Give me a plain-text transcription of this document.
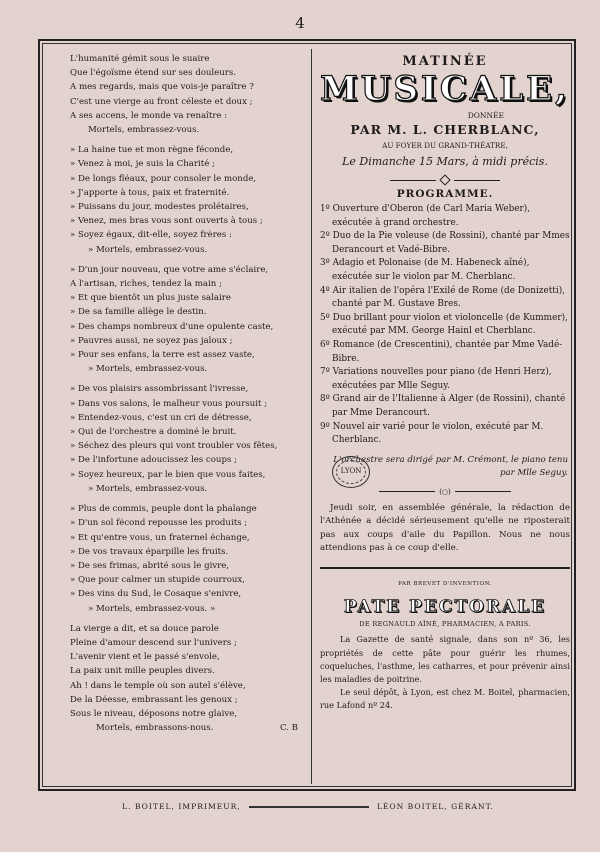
4
L'humanité gémit sous le suaire
Que l'égoïsme étend sur ses douleurs.
A mes regards, mais que vois-je paraître ?
C'est une vierge au front céleste et doux ;
A ses accens, le monde va renaître :
Mortels, embrassez-vous.
» La haine tue et mon règne féconde,
» Venez à moi, je suis la Charité ;
» De longs fléaux, pour consoler le monde,
» J'apporte à tous, paix et fraternité.
» Puissans du jour, modestes prolétaires,
» Venez, mes bras vous sont ouverts à tous ;
» Soyez égaux, dit-elle, soyez frères :
» Mortels, embrassez-vous.
» D'un jour nouveau, que votre ame s'éclaire,
A l'artisan, riches, tendez la main ;
» Et que bientôt un plus juste salaire
» De sa famille allège le destin.
» Des champs nombreux d'une opulente caste,
» Pauvres aussi, ne soyez pas jaloux ;
» Pour ses enfans, la terre est assez vaste,
» Mortels, embrassez-vous.
» De vos plaisirs assombrissant l'ivresse,
» Dans vos salons, le malheur vous poursuit ;
» Entendez-vous, c'est un cri de détresse,
» Qui de l'orchestre a dominé le bruit.
» Séchez des pleurs qui vont troubler vos fêtes,
» De l'infortune adoucissez les coups ;
» Soyez heureux, par le bien que vous faites,
» Mortels, embrassez-vous.
» Plus de commis, peuple dont la phalange
» D'un sol fécond repousse les produits ;
» Et qu'entre vous, un fraternel échange,
» De vos travaux éparpille les fruits.
» De ses frimas, abrité sous le givre,
» Que pour calmer un stupide courroux,
» Des vins du Sud, le Cosaque s'enivre,
» Mortels, embrassez-vous. »
La vierge a dit, et sa douce parole
Pleine d'amour descend sur l'univers ;
L'avenir vient et le passé s'envole,
La paix unit mille peuples divers.
Ah ! dans le temple où son autel s'élève,
De la Déesse, embrassant les genoux ;
Sous le niveau, déposons notre glaive,
Mortels, embrassons-nous.	C. B
MATINÉE
MUSICALE,
DONNÉE
PAR M. L. CHERBLANC,
AU FOYER DU GRAND-THÉATRE,
Le Dimanche 15 Mars, à midi précis.
PROGRAMME.
1º Ouverture d'Oberon (de Carl Maria Weber), exécutée à grand orchestre.
2º Duo de la Pie voleuse (de Rossini), chanté par Mmes Derancourt et Vadé-Bibre.
3º Adagio et Polonaise (de M. Habeneck aîné), exécutée sur le violon par M. Cherblanc.
4º Air italien de l'opéra l'Exilé de Rome (de Donizetti), chanté par M. Gustave Bres.
5º Duo brillant pour violon et violoncelle (de Kummer), exécuté par MM. George Hainl et Cherblanc.
6º Romance (de Crescentini), chantée par Mme Vadé-Bibre.
7º Variations nouvelles pour piano (de Henri Herz), exécutées par Mlle Seguy.
8º Grand air de l'Italienne à Alger (de Rossini), chanté par Mme Derancourt.
9º Nouvel air varié pour le violon, exécuté par M. Cherblanc.
LYON
L'orchestre sera dirigé par M. Crémont, le piano tenu
par Mlle Seguy.
(○)
Jeudi soir, en assemblée générale, la rédaction de l'Athénée a décidé sérieusement qu'elle ne riposterait pas aux coups d'aile du Papillon. Nous ne nous attendions pas à ce coup d'elle.
PAR BREVET D'INVENTION.
PATE PECTORALE
DE REGNAULD AÎNÉ, PHARMACIEN, A PARIS.
La Gazette de santé signale, dans son nº 36, les propriétés de cette pâte pour guérir les rhumes, coqueluches, l'asthme, les catharres, et pour prévenir ainsi les maladies de poitrine.
Le seul dépôt, à Lyon, est chez M. Boitel, pharmacien, rue Lafond nº 24.
L. BOITEL, IMPRIMEUR,	LÉON BOITEL, GÉRANT.
